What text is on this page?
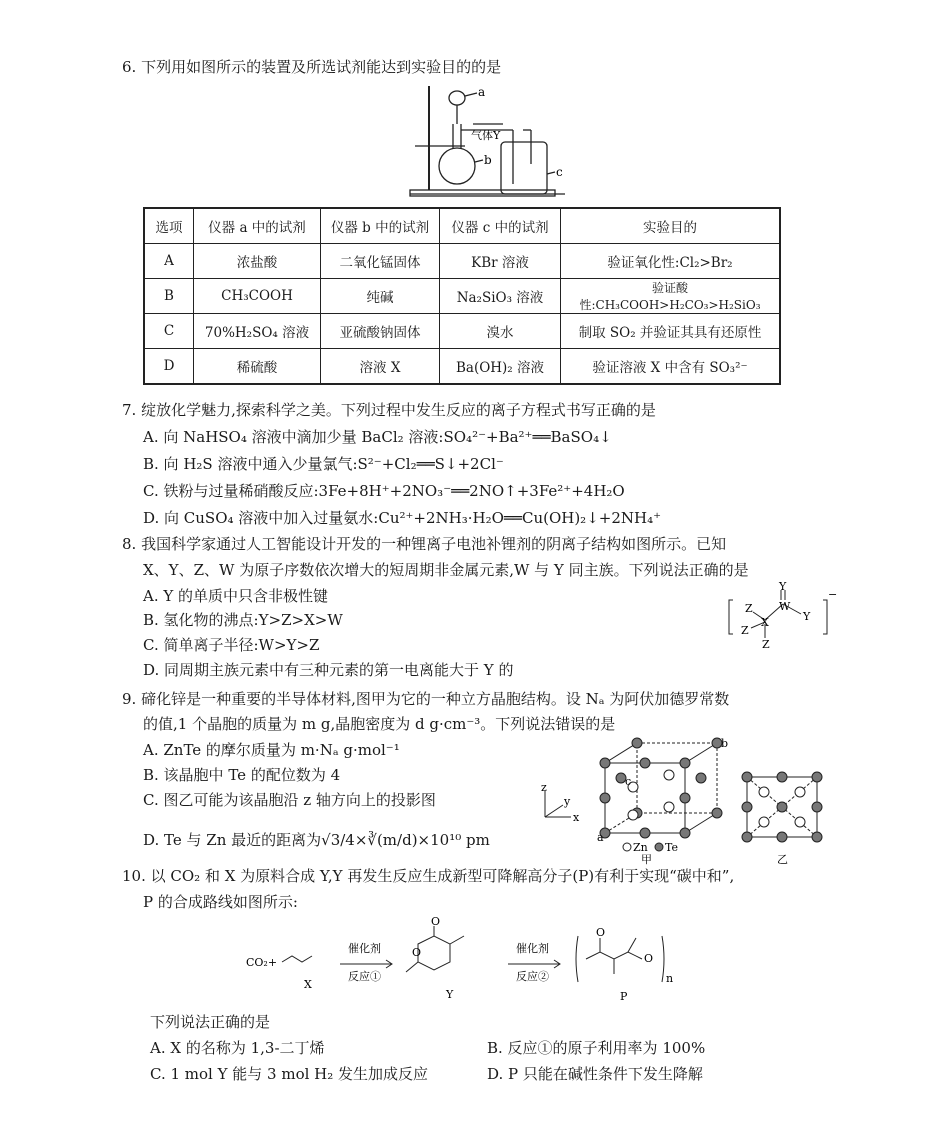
6. 下列用如图所示的装置及所选试剂能达到实验目的的是
a
b
c
气体Y
选项	仪器 a 中的试剂	仪器 b 中的试剂	仪器 c 中的试剂	实验目的
A	浓盐酸	二氧化锰固体	KBr 溶液	验证氧化性:Cl₂>Br₂
B	CH₃COOH	纯碱	Na₂SiO₃ 溶液	验证酸性:CH₃COOH>H₂CO₃>H₂SiO₃
C	70%H₂SO₄ 溶液	亚硫酸钠固体	溴水	制取 SO₂ 并验证其具有还原性
D	稀硫酸	溶液 X	Ba(OH)₂ 溶液	验证溶液 X 中含有 SO₃²⁻
7. 绽放化学魅力,探索科学之美。下列过程中发生反应的离子方程式书写正确的是
A. 向 NaHSO₄ 溶液中滴加少量 BaCl₂ 溶液:SO₄²⁻+Ba²⁺══BaSO₄↓
B. 向 H₂S 溶液中通入少量氯气:S²⁻+Cl₂══S↓+2Cl⁻
C. 铁粉与过量稀硝酸反应:3Fe+8H⁺+2NO₃⁻══2NO↑+3Fe²⁺+4H₂O
D. 向 CuSO₄ 溶液中加入过量氨水:Cu²⁺+2NH₃·H₂O══Cu(OH)₂↓+2NH₄⁺
8. 我国科学家通过人工智能设计开发的一种锂离子电池补锂剂的阴离子结构如图所示。已知
X、Y、Z、W 为原子序数依次增大的短周期非金属元素,W 与 Y 同主族。下列说法正确的是
A. Y 的单质中只含非极性键
B. 氢化物的沸点:Y>Z>X>W
C. 简单离子半径:W>Y>Z
D. 同周期主族元素中有三种元素的第一电离能大于 Y 的
Y
W
Y
X
Z
Z
Z
−
9. 碲化锌是一种重要的半导体材料,图甲为它的一种立方晶胞结构。设 Nₐ 为阿伏加德罗常数
的值,1 个晶胞的质量为 m g,晶胞密度为 d g·cm⁻³。下列说法错误的是
A. ZnTe 的摩尔质量为 m·Nₐ g·mol⁻¹
B. 该晶胞中 Te 的配位数为 4
C. 图乙可能为该晶胞沿 z 轴方向上的投影图
D. Te 与 Zn 最近的距离为√3/4×∛(m/d)×10¹⁰ pm
z
y
x
a
b
c
Zn Te
甲	乙
10. 以 CO₂ 和 X 为原料合成 Y,Y 再发生反应生成新型可降解高分子(P)有利于实现“碳中和”,
P 的合成路线如图所示:
CO₂+
催化剂
反应①
催化剂
反应②
O
O
O
O
n
X
Y	P
下列说法正确的是
A. X 的名称为 1,3-二丁烯	B. 反应①的原子利用率为 100%
C. 1 mol Y 能与 3 mol H₂ 发生加成反应	D. P 只能在碱性条件下发生降解
